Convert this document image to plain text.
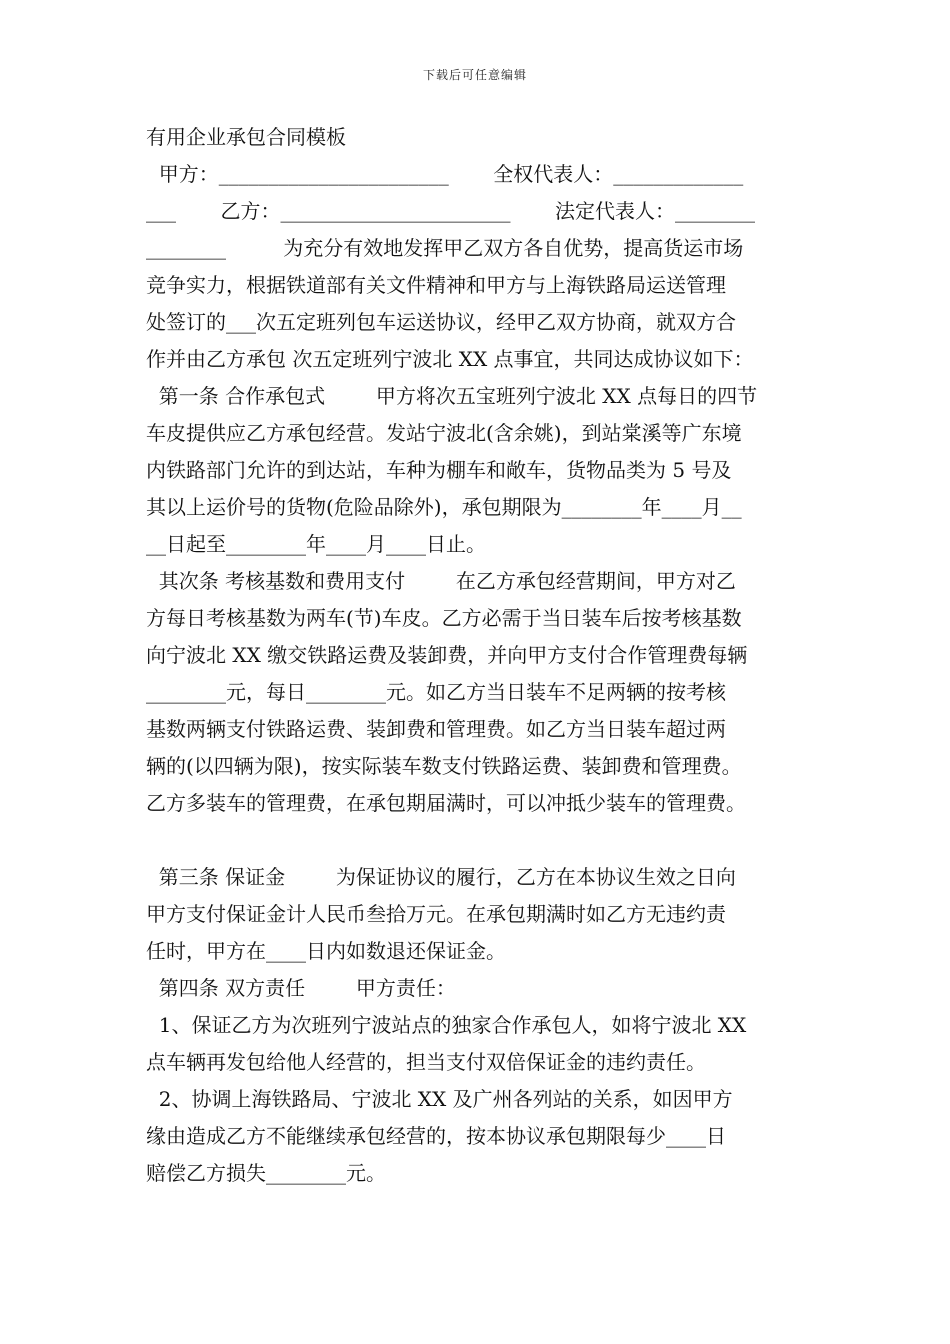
下载后可任意编辑
有用企业承包合同模板
甲方：_______________________       全权代表人：_____________
___       乙方：_______________________       法定代表人：________
________         为充分有效地发挥甲乙双方各自优势，提高货运市场
竞争实力，根据铁道部有关文件精神和甲方与上海铁路局运送管理
处签订的___次五定班列包车运送协议，经甲乙双方协商，就双方合
作并由乙方承包 次五定班列宁波北 XX 点事宜，共同达成协议如下：
第一条 合作承包式        甲方将次五宝班列宁波北 XX 点每日的四节
车皮提供应乙方承包经营。发站宁波北(含余姚)，到站棠溪等广东境
内铁路部门允许的到达站，车种为棚车和敞车，货物品类为 5 号及
其以上运价号的货物(危险品除外)，承包期限为________年____月__
__日起至________年____月____日止。
其次条 考核基数和费用支付        在乙方承包经营期间，甲方对乙
方每日考核基数为两车(节)车皮。乙方必需于当日装车后按考核基数
向宁波北 XX 缴交铁路运费及装卸费，并向甲方支付合作管理费每辆
________元，每日________元。如乙方当日装车不足两辆的按考核
基数两辆支付铁路运费、装卸费和管理费。如乙方当日装车超过两
辆的(以四辆为限)，按实际装车数支付铁路运费、装卸费和管理费。
乙方多装车的管理费，在承包期届满时，可以冲抵少装车的管理费。
第三条 保证金        为保证协议的履行，乙方在本协议生效之日向
甲方支付保证金计人民币叁拾万元。在承包期满时如乙方无违约责
任时，甲方在____日内如数退还保证金。
第四条 双方责任        甲方责任：
1、保证乙方为次班列宁波站点的独家合作承包人，如将宁波北 XX
点车辆再发包给他人经营的，担当支付双倍保证金的违约责任。
2、协调上海铁路局、宁波北 XX 及广州各列站的关系，如因甲方
缘由造成乙方不能继续承包经营的，按本协议承包期限每少____日
赔偿乙方损失________元。
